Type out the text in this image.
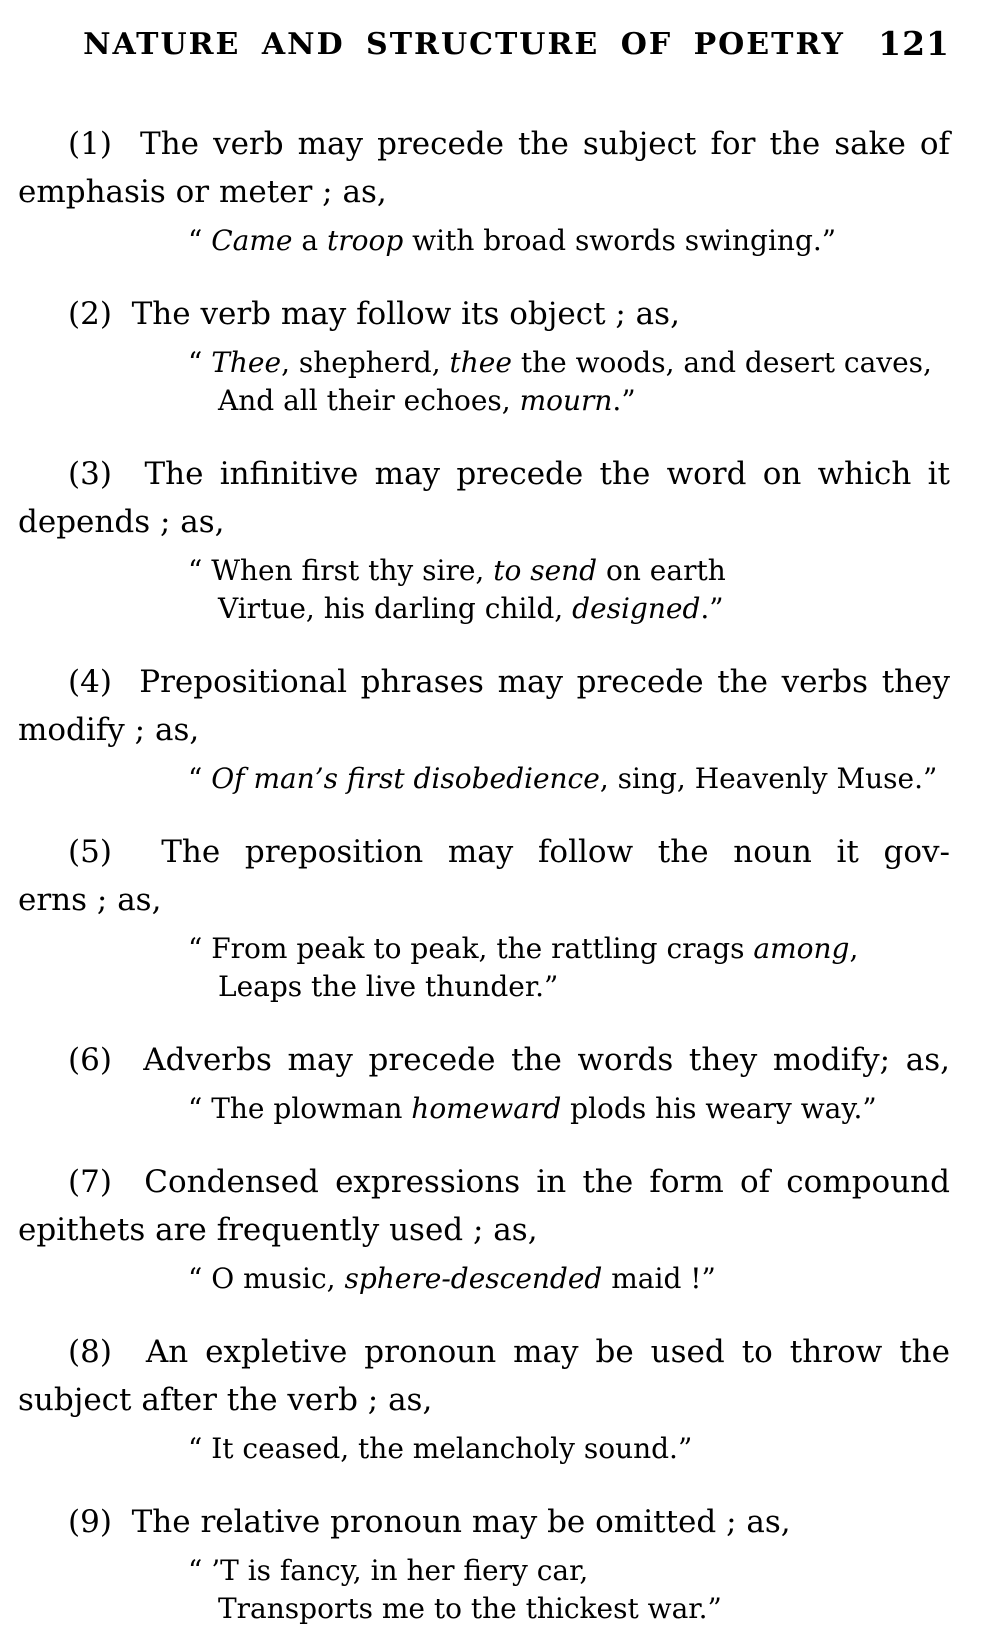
NATURE AND STRUCTURE OF POETRY	121
(1)  The verb may precede the subject for the sake of
emphasis or meter ; as,
“ Came a troop with broad swords swinging.”
(2)  The verb may follow its object ; as,
“ Thee, shepherd, thee the woods, and desert caves,
And all their echoes, mourn.”
(3)  The infinitive may precede the word on which it
depends ; as,
“ When first thy sire, to send on earth
Virtue, his darling child, designed.”
(4)  Prepositional phrases may precede the verbs they
modify ; as,
“ Of man’s first disobedience, sing, Heavenly Muse.”
(5)  The preposition may follow the noun it gov-
erns ; as,
“ From peak to peak, the rattling crags among,
Leaps the live thunder.”
(6)  Adverbs may precede the words they modify; as,
“ The plowman homeward plods his weary way.”
(7)  Condensed expressions in the form of compound
epithets are frequently used ; as,
“ O music, sphere-descended maid !”
(8)  An expletive pronoun may be used to throw the
subject after the verb ; as,
“ It ceased, the melancholy sound.”
(9)  The relative pronoun may be omitted ; as,
“ ’T is fancy, in her fiery car,
Transports me to the thickest war.”
